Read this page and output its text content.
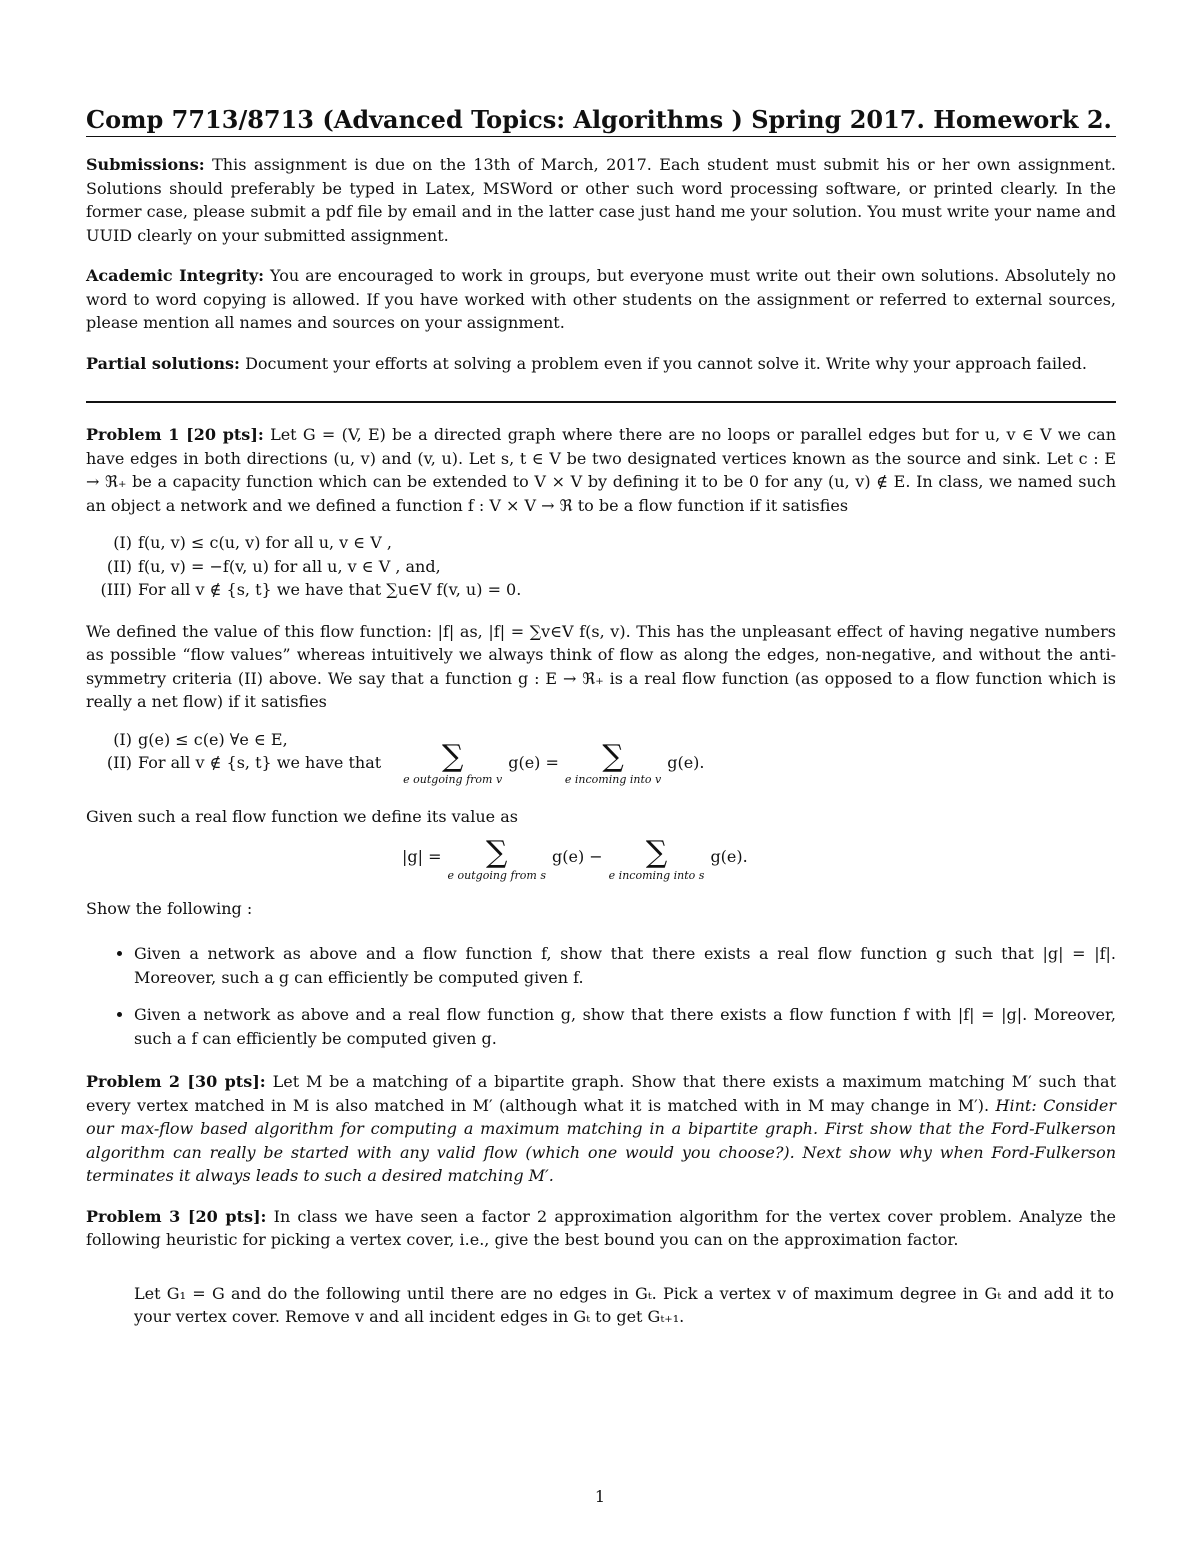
Comp 7713/8713 (Advanced Topics: Algorithms ) Spring 2017. Homework 2.

Submissions: This assignment is due on the 13th of March, 2017. Each student must submit his or her own assignment. Solutions should preferably be typed in Latex, MSWord or other such word processing software, or printed clearly. In the former case, please submit a pdf file by email and in the latter case just hand me your solution. You must write your name and UUID clearly on your submitted assignment.

Academic Integrity: You are encouraged to work in groups, but everyone must write out their own solutions. Absolutely no word to word copying is allowed. If you have worked with other students on the assignment or referred to external sources, please mention all names and sources on your assignment.

Partial solutions: Document your efforts at solving a problem even if you cannot solve it. Write why your approach failed.

Problem 1 [20 pts]: Let G = (V, E) be a directed graph where there are no loops or parallel edges but for u, v ∈ V we can have edges in both directions (u, v) and (v, u). Let s, t ∈ V be two designated vertices known as the source and sink. Let c : E → ℜ₊ be a capacity function which can be extended to V × V by defining it to be 0 for any (u, v) ∉ E. In class, we named such an object a network and we defined a function f : V × V → ℜ to be a flow function if it satisfies

(I) f(u, v) ≤ c(u, v) for all u, v ∈ V ,
(II) f(u, v) = −f(v, u) for all u, v ∈ V , and,
(III) For all v ∉ {s, t} we have that ∑u∈V f(v, u) = 0.

We defined the value of this flow function: |f| as, |f| = ∑v∈V f(s, v). This has the unpleasant effect of having negative numbers as possible “flow values” whereas intuitively we always think of flow as along the edges, non-negative, and without the anti-symmetry criteria (II) above. We say that a function g : E → ℜ₊ is a real flow function (as opposed to a flow function which is really a net flow) if it satisfies

(I) g(e) ≤ c(e) ∀e ∈ E,
(II) For all v ∉ {s, t} we have that ∑
e outgoing from v
g(e) = ∑
e incoming into v
g(e).

Given such a real flow function we define its value as

|g| = ∑
e outgoing from s
g(e) − ∑
e incoming into s
g(e).

Show the following :

• Given a network as above and a flow function f, show that there exists a real flow function g such that |g| = |f|. Moreover, such a g can efficiently be computed given f.
• Given a network as above and a real flow function g, show that there exists a flow function f with |f| = |g|. Moreover, such a f can efficiently be computed given g.

Problem 2 [30 pts]: Let M be a matching of a bipartite graph. Show that there exists a maximum matching M′ such that every vertex matched in M is also matched in M′ (although what it is matched with in M may change in M′). Hint: Consider our max-flow based algorithm for computing a maximum matching in a bipartite graph. First show that the Ford-Fulkerson algorithm can really be started with any valid flow (which one would you choose?). Next show why when Ford-Fulkerson terminates it always leads to such a desired matching M′.

Problem 3 [20 pts]: In class we have seen a factor 2 approximation algorithm for the vertex cover problem. Analyze the following heuristic for picking a vertex cover, i.e., give the best bound you can on the approximation factor.

Let G₁ = G and do the following until there are no edges in Gₜ. Pick a vertex v of maximum degree in Gₜ and add it to your vertex cover. Remove v and all incident edges in Gₜ to get Gₜ₊₁.

1
